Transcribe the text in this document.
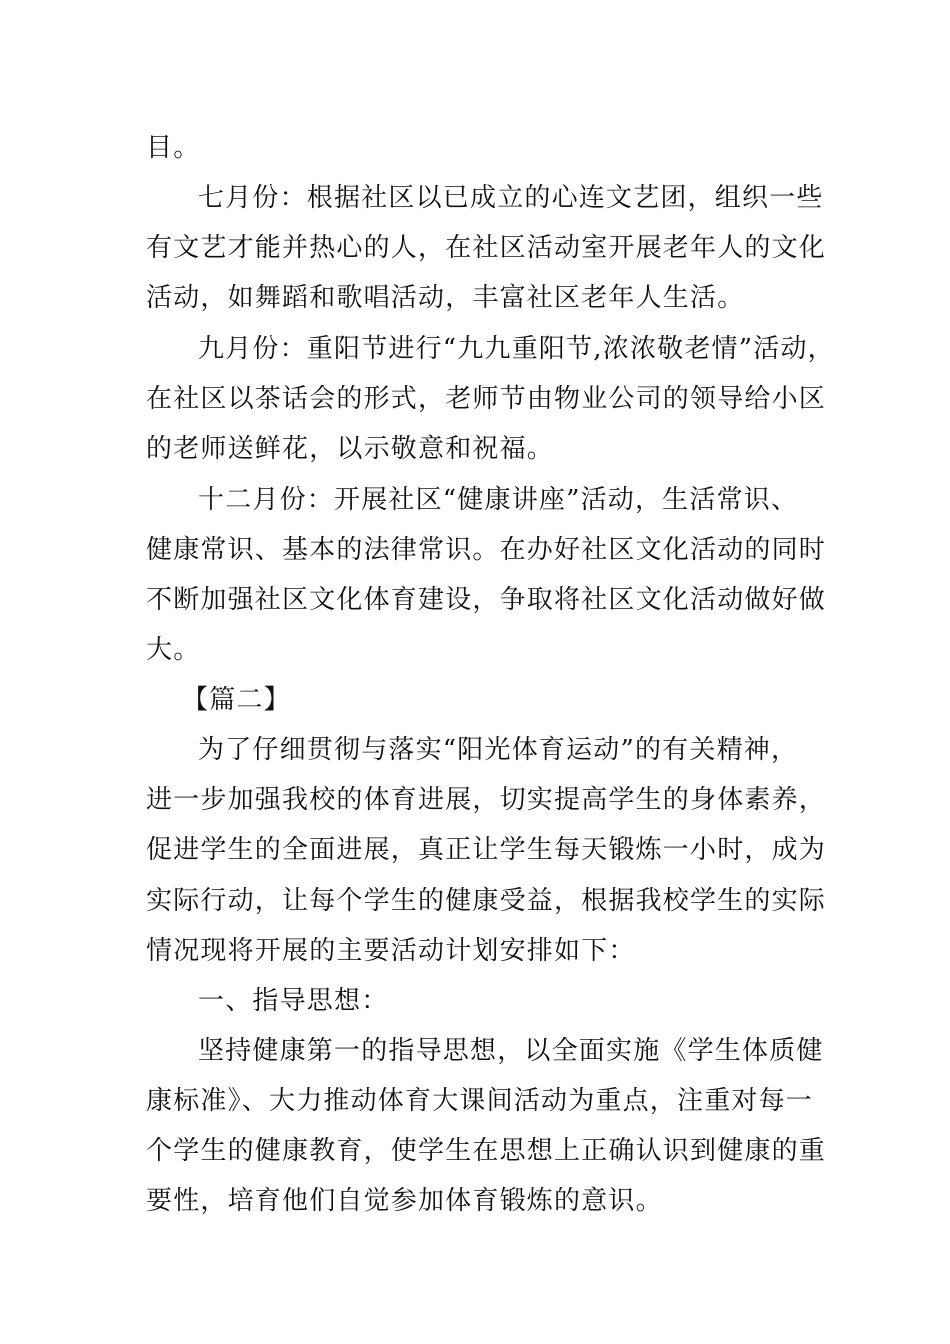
目。
七月份：根据社区以已成立的心连文艺团，组织一些
有文艺才能并热心的人，在社区活动室开展老年人的文化
活动，如舞蹈和歌唱活动，丰富社区老年人生活。
九月份：重阳节进行“九九重阳节,浓浓敬老情”活动，
在社区以茶话会的形式，老师节由物业公司的领导给小区
的老师送鲜花，以示敬意和祝福。
十二月份：开展社区“健康讲座”活动，生活常识、
健康常识、基本的法律常识。在办好社区文化活动的同时
不断加强社区文化体育建设，争取将社区文化活动做好做
大。
【篇二】
为了仔细贯彻与落实“阳光体育运动”的有关精神，
进一步加强我校的体育进展，切实提高学生的身体素养，
促进学生的全面进展，真正让学生每天锻炼一小时，成为
实际行动，让每个学生的健康受益，根据我校学生的实际
情况现将开展的主要活动计划安排如下：
一、指导思想：
坚持健康第一的指导思想，以全面实施《学生体质健
康标准》、大力推动体育大课间活动为重点，注重对每一
个学生的健康教育，使学生在思想上正确认识到健康的重
要性，培育他们自觉参加体育锻炼的意识。
